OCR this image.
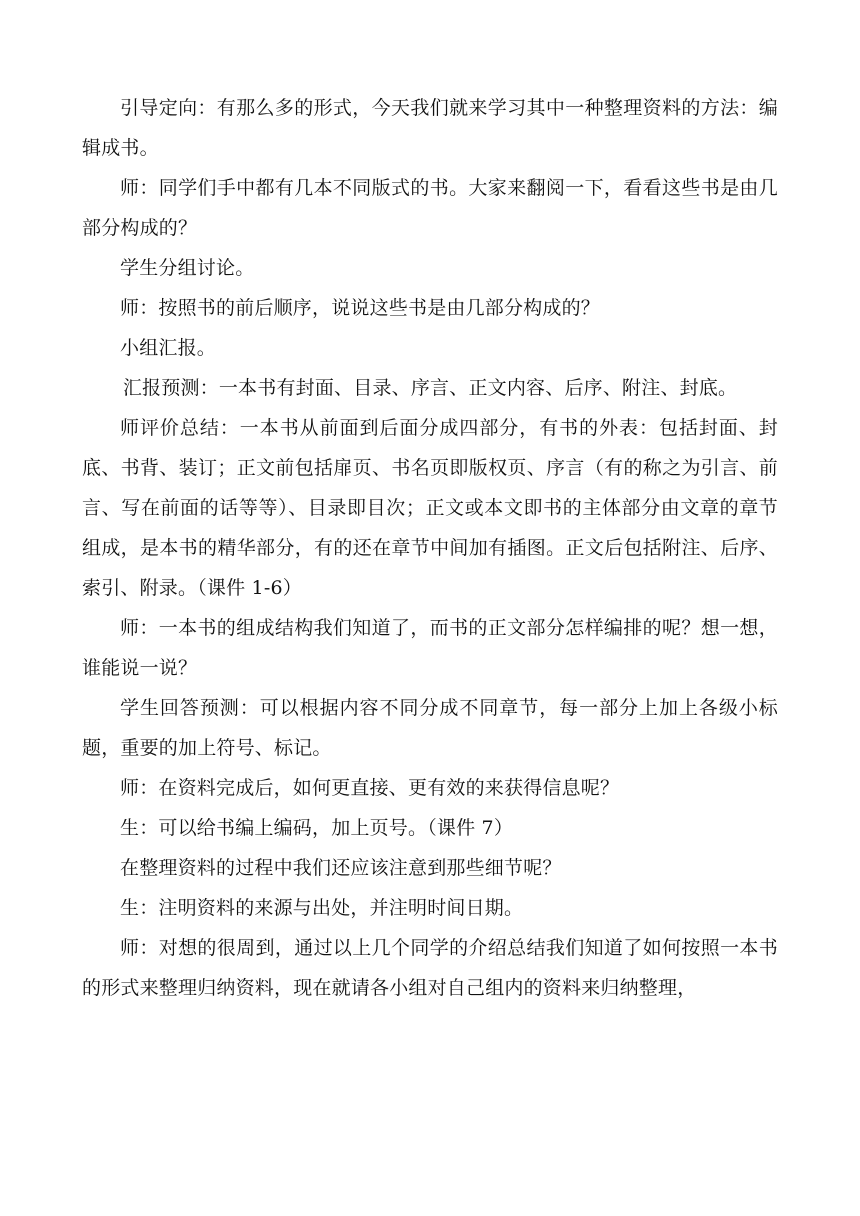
引导定向：有那么多的形式，今天我们就来学习其中一种整理资料的方法：编辑成书。

师：同学们手中都有几本不同版式的书。大家来翻阅一下，看看这些书是由几部分构成的？

学生分组讨论。

师：按照书的前后顺序，说说这些书是由几部分构成的？

小组汇报。

汇报预测：一本书有封面、目录、序言、正文内容、后序、附注、封底。

师评价总结：一本书从前面到后面分成四部分，有书的外表：包括封面、封底、书背、装订；正文前包括扉页、书名页即版权页、序言（有的称之为引言、前言、写在前面的话等等）、目录即目次；正文或本文即书的主体部分由文章的章节组成，是本书的精华部分，有的还在章节中间加有插图。正文后包括附注、后序、索引、附录。（课件 1-6）

师：一本书的组成结构我们知道了，而书的正文部分怎样编排的呢？想一想，谁能说一说？

学生回答预测：可以根据内容不同分成不同章节，每一部分上加上各级小标题，重要的加上符号、标记。

师：在资料完成后，如何更直接、更有效的来获得信息呢？

生：可以给书编上编码，加上页号。（课件 7）

在整理资料的过程中我们还应该注意到那些细节呢？

生：注明资料的来源与出处，并注明时间日期。

师：对想的很周到，通过以上几个同学的介绍总结我们知道了如何按照一本书的形式来整理归纳资料，现在就请各小组对自己组内的资料来归纳整理，
